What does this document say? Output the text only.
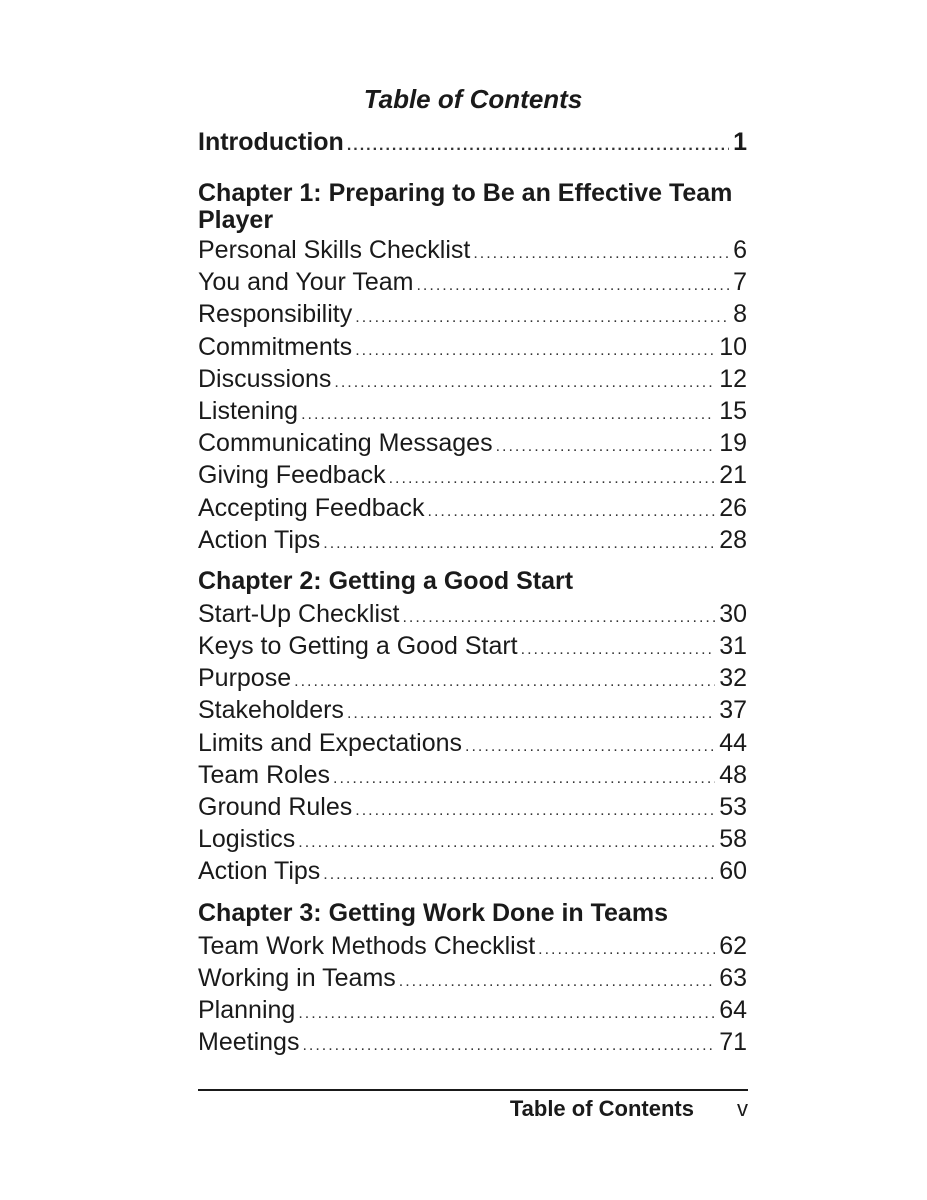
Table of Contents
Introduction .....	1
Chapter 1: Preparing to Be an Effective Team Player
Personal Skills Checklist .....	6
You and Your Team .....	7
Responsibility .....	8
Commitments .....	10
Discussions .....	12
Listening .....	15
Communicating Messages .....	19
Giving Feedback .....	21
Accepting Feedback .....	26
Action Tips .....	28
Chapter 2: Getting a Good Start
Start-Up Checklist .....	30
Keys to Getting a Good Start .....	31
Purpose .....	32
Stakeholders .....	37
Limits and Expectations .....	44
Team Roles .....	48
Ground Rules .....	53
Logistics .....	58
Action Tips .....	60
Chapter 3: Getting Work Done in Teams
Team Work Methods Checklist .....	62
Working in Teams .....	63
Planning .....	64
Meetings .....	71
Table of Contents v
